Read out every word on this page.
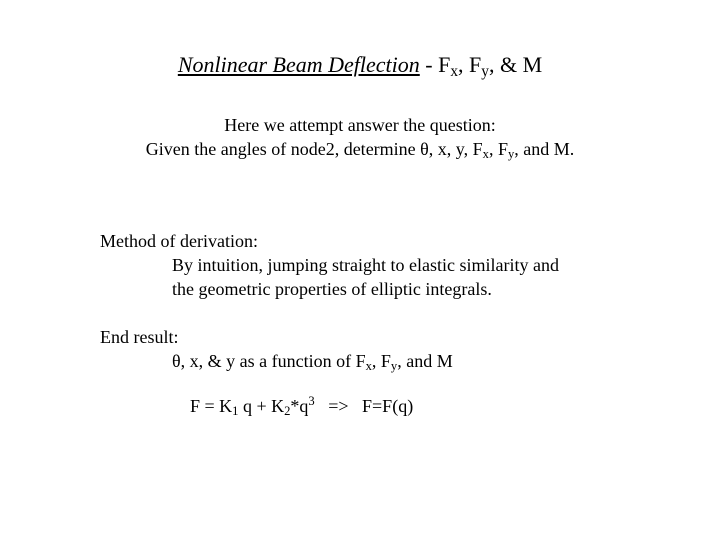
Nonlinear Beam Deflection - $F_x$, $F_y$, & M
Here we attempt answer the question:
Given the angles of node2, determine θ, x, y, $F_x$, $F_y$, and M.
Method of derivation:
By intuition, jumping straight to elastic similarity and
the geometric properties of elliptic integrals.
End result:
θ, x, & y as a function of $F_x$, $F_y$, and M

$F = K_1$ $q + K_2*q^3 => F=F(q)$
